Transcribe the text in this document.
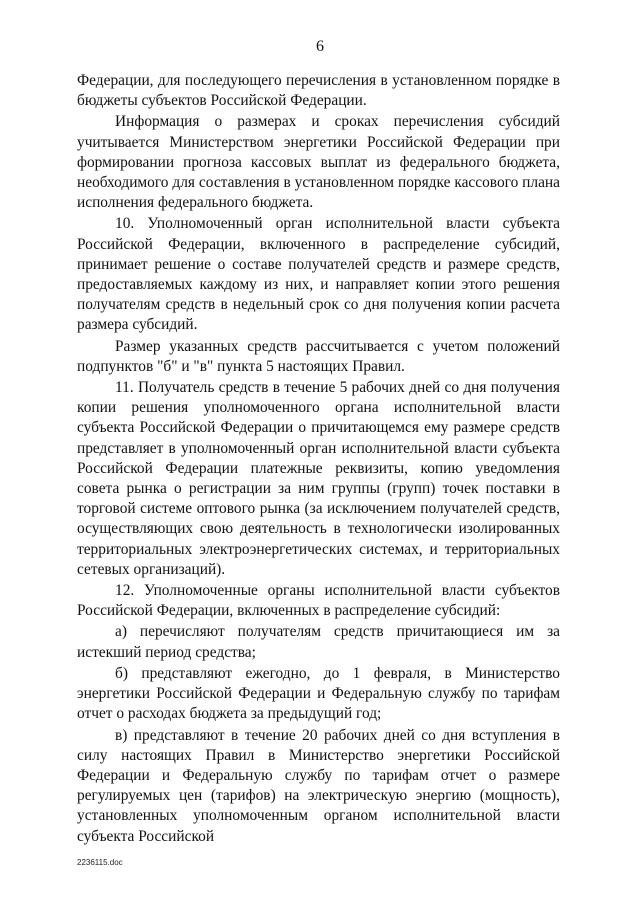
6

Федерации, для последующего перечисления в установленном порядке в бюджеты субъектов Российской Федерации.

Информация о размерах и сроках перечисления субсидий учитывается Министерством энергетики Российской Федерации при формировании прогноза кассовых выплат из федерального бюджета, необходимого для составления в установленном порядке кассового плана исполнения федерального бюджета.

10. Уполномоченный орган исполнительной власти субъекта Российской Федерации, включенного в распределение субсидий, принимает решение о составе получателей средств и размере средств, предоставляемых каждому из них, и направляет копии этого решения получателям средств в недельный срок со дня получения копии расчета размера субсидий.

Размер указанных средств рассчитывается с учетом положений подпунктов "б" и "в" пункта 5 настоящих Правил.

11. Получатель средств в течение 5 рабочих дней со дня получения копии решения уполномоченного органа исполнительной власти субъекта Российской Федерации о причитающемся ему размере средств представляет в уполномоченный орган исполнительной власти субъекта Российской Федерации платежные реквизиты, копию уведомления совета рынка о регистрации за ним группы (групп) точек поставки в торговой системе оптового рынка (за исключением получателей средств, осуществляющих свою деятельность в технологически изолированных территориальных электроэнергетических системах, и территориальных сетевых организаций).

12. Уполномоченные органы исполнительной власти субъектов Российской Федерации, включенных в распределение субсидий:

а) перечисляют получателям средств причитающиеся им за истекший период средства;

б) представляют ежегодно, до 1 февраля, в Министерство энергетики Российской Федерации и Федеральную службу по тарифам отчет о расходах бюджета за предыдущий год;

в) представляют в течение 20 рабочих дней со дня вступления в силу настоящих Правил в Министерство энергетики Российской Федерации и Федеральную службу по тарифам отчет о размере регулируемых цен (тарифов) на электрическую энергию (мощность), установленных уполномоченным органом исполнительной власти субъекта Российской

2236115.doc
